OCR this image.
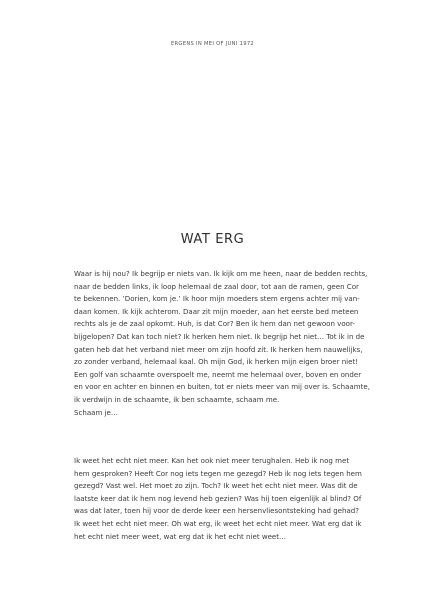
ERGENS IN MEI OF JUNI 1972
WAT ERG
Waar is hij nou? Ik begrijp er niets van. Ik kijk om me heen, naar de bedden rechts,
naar de bedden links, ik loop helemaal de zaal door, tot aan de ramen, geen Cor
te bekennen. ’Dorien, kom je.’ Ik hoor mijn moeders stem ergens achter mij van-
daan komen. Ik kijk achterom. Daar zit mijn moeder, aan het eerste bed meteen
rechts als je de zaal opkomt. Huh, is dat Cor? Ben ik hem dan net gewoon voor-
bijgelopen? Dat kan toch niet? Ik herken hem niet. Ik begrijp het niet… Tot ik in de
gaten heb dat het verband niet meer om zijn hoofd zit. Ik herken hem nauwelijks,
zo zonder verband, helemaal kaal. Oh mijn God, ik herken mijn eigen broer niet!
Een golf van schaamte overspoelt me, neemt me helemaal over, boven en onder
en voor en achter en binnen en buiten, tot er niets meer van mij over is. Schaamte,
ik verdwijn in de schaamte, ik ben schaamte, schaam me.
Schaam je…
Ik weet het echt niet meer. Kan het ook niet meer terughalen. Heb ik nog met
hem gesproken? Heeft Cor nog iets tegen me gezegd? Heb ik nog iets tegen hem
gezegd? Vast wel. Het moet zo zijn. Toch? Ik weet het echt niet meer. Was dit de
laatste keer dat ik hem nog levend heb gezien? Was hij toen eigenlijk al blind? Of
was dat later, toen hij voor de derde keer een hersenvliesontsteking had gehad?
Ik weet het echt niet meer. Oh wat erg, ik weet het echt niet meer. Wat erg dat ik
het echt niet meer weet, wat erg dat ik het echt niet weet…
